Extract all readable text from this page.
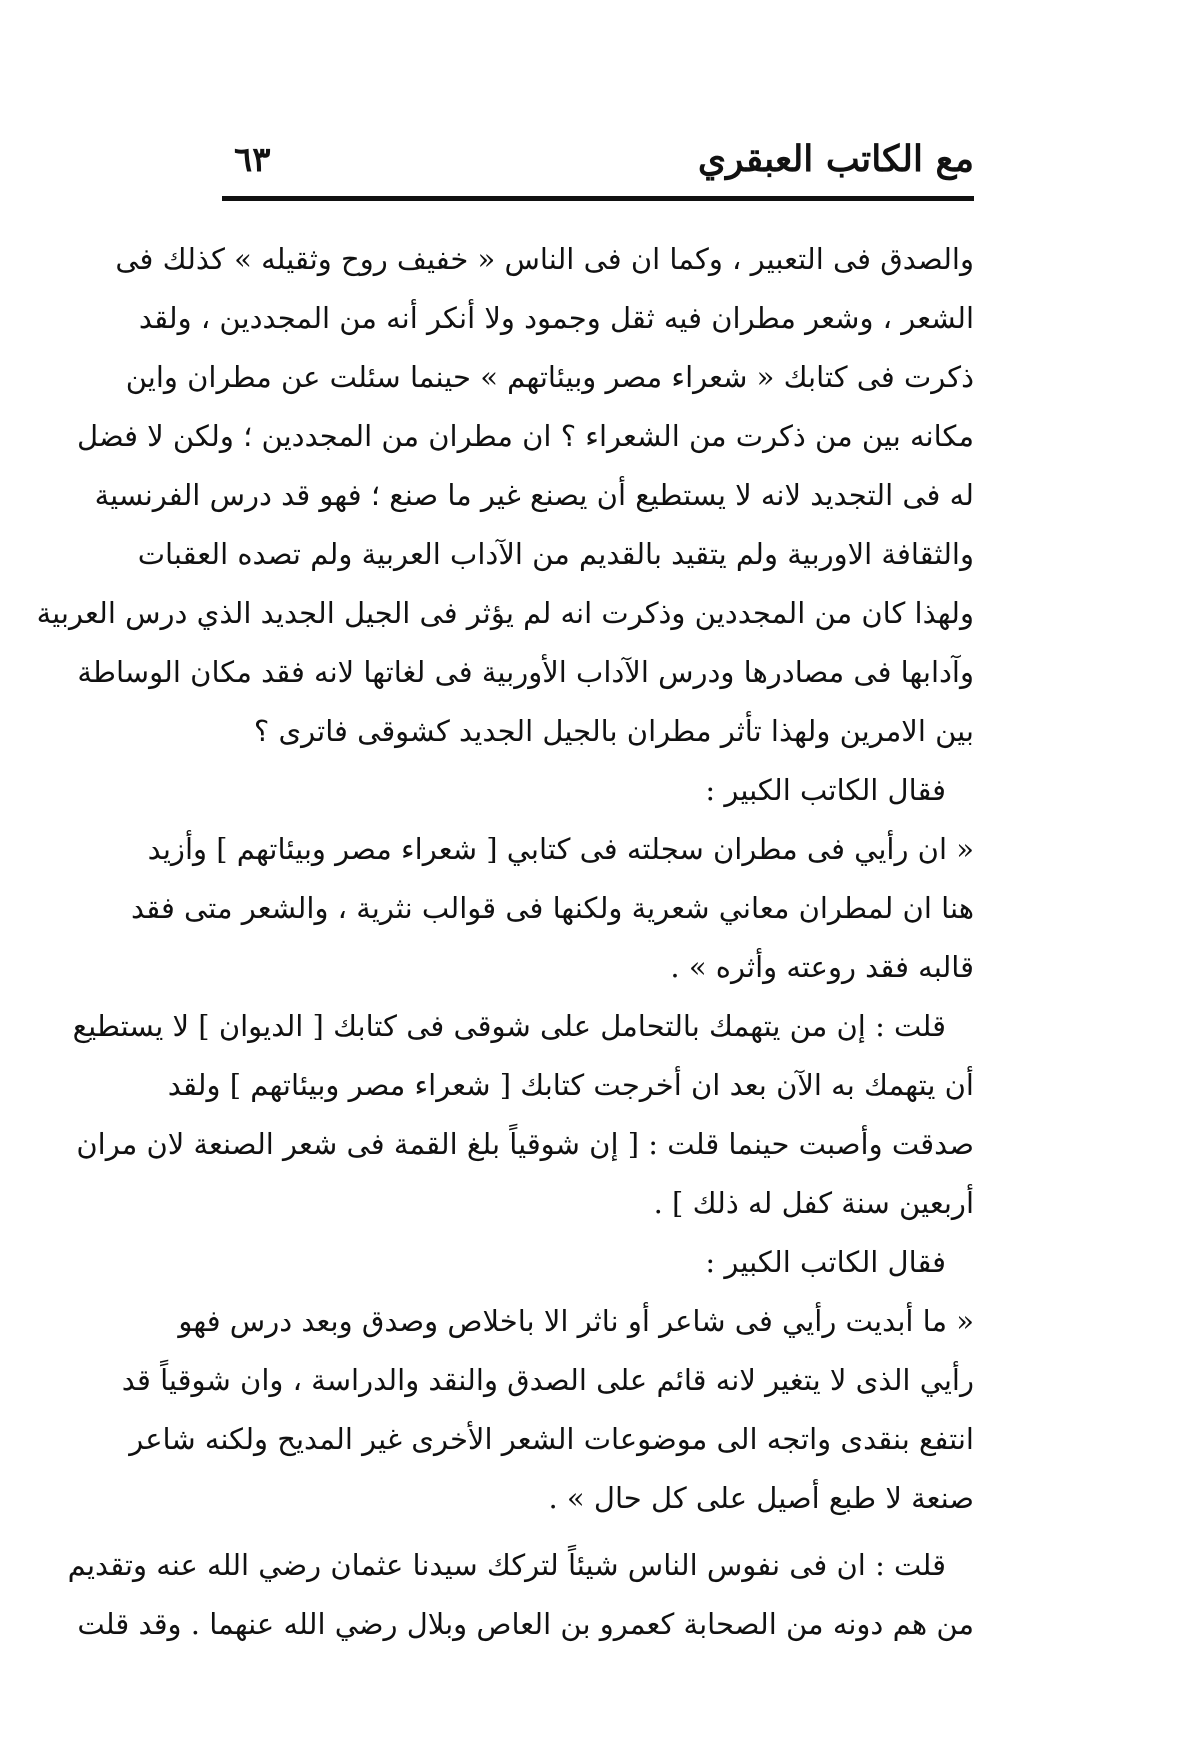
مع الكاتب العبقري
٦٣
والصدق فى التعبير ، وكما ان فى الناس « خفيف روح وثقيله » كذلك فى
الشعر ، وشعر مطران فيه ثقل وجمود ولا أنكر أنه من المجددين ، ولقد
ذكرت فى كتابك « شعراء مصر وبيئاتهم » حينما سئلت عن مطران واين
مكانه بين من ذكرت من الشعراء ؟ ان مطران من المجددين ؛ ولكن لا فضل
له فى التجديد لانه لا يستطيع أن يصنع غير ما صنع ؛ فهو قد درس الفرنسية
والثقافة الاوربية ولم يتقيد بالقديم من الآداب العربية ولم تصده العقبات
ولهذا كان من المجددين وذكرت انه لم يؤثر فى الجيل الجديد الذي درس العربية
وآدابها فى مصادرها ودرس الآداب الأوربية فى لغاتها لانه فقد مكان الوساطة
بين الامرين ولهذا تأثر مطران بالجيل الجديد كشوقى فاترى ؟
فقال الكاتب الكبير :
« ان رأيي فى مطران سجلته فى كتابي [ شعراء مصر وبيئاتهم ] وأزيد
هنا ان لمطران معاني شعرية ولكنها فى قوالب نثرية ، والشعر متى فقد
قالبه فقد روعته وأثره » .
قلت : إن من يتهمك بالتحامل على شوقى فى كتابك [ الديوان ] لا يستطيع
أن يتهمك به الآن بعد ان أخرجت كتابك [ شعراء مصر وبيئاتهم ] ولقد
صدقت وأصبت حينما قلت : [ إن شوقياً بلغ القمة فى شعر الصنعة لان مران
أربعين سنة كفل له ذلك ] .
فقال الكاتب الكبير :
« ما أبديت رأيي فى شاعر أو ناثر الا باخلاص وصدق وبعد درس فهو
رأيي الذى لا يتغير لانه قائم على الصدق والنقد والدراسة ، وان شوقياً قد
انتفع بنقدى واتجه الى موضوعات الشعر الأخرى غير المديح ولكنه شاعر
صنعة لا طبع أصيل على كل حال » .
قلت : ان فى نفوس الناس شيئاً لتركك سيدنا عثمان رضي الله عنه وتقديم
من هم دونه من الصحابة كعمرو بن العاص وبلال رضي الله عنهما . وقد قلت
